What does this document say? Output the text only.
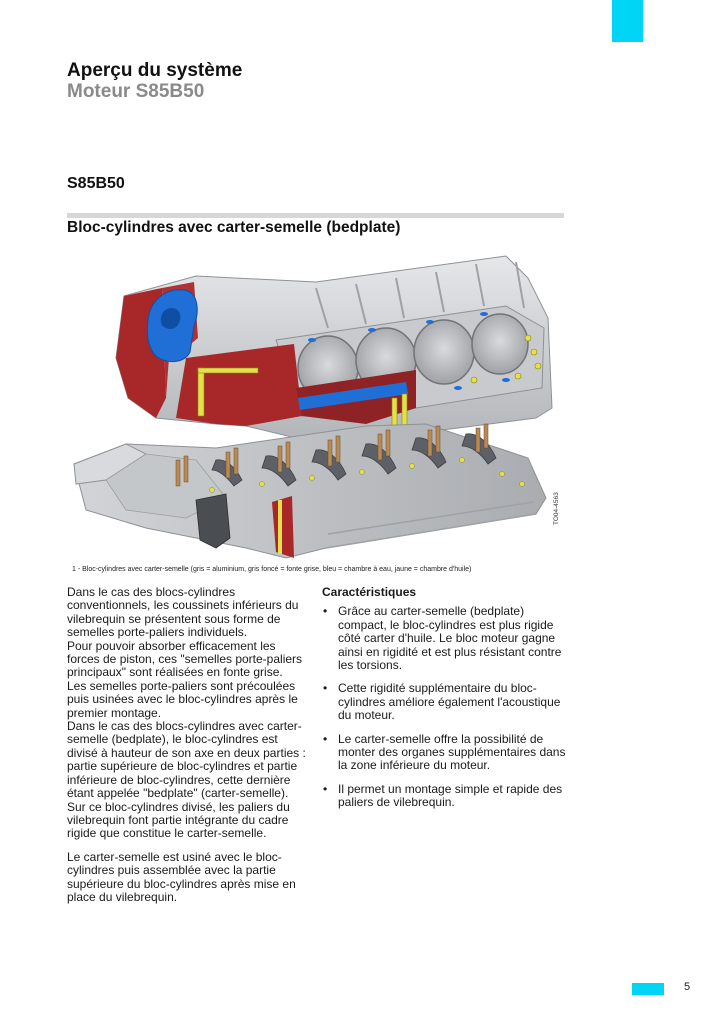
Aperçu du système
Moteur S85B50
S85B50
Bloc-cylindres avec carter-semelle (bedplate)
TO04-4563
1 - Bloc-cylindres avec carter-semelle (gris = aluminium, gris foncé = fonte grise, bleu = chambre à eau, jaune = chambre d'huile)
Dans le cas des blocs-cylindres conventionnels, les coussinets inférieurs du vilebrequin se présentent sous forme de semelles porte-paliers individuels.
Pour pouvoir absorber efficacement les forces de piston, ces "semelles porte-paliers principaux" sont réalisées en fonte grise.
Les semelles porte-paliers sont précoulées puis usinées avec le bloc-cylindres après le premier montage.
Dans le cas des blocs-cylindres avec carter-semelle (bedplate), le bloc-cylindres est divisé à hauteur de son axe en deux parties : partie supérieure de bloc-cylindres et partie inférieure de bloc-cylindres, cette dernière étant appelée "bedplate" (carter-semelle).

Sur ce bloc-cylindres divisé, les paliers du vilebrequin font partie intégrante du cadre rigide que constitue le carter-semelle.

Le carter-semelle est usiné avec le bloc-cylindres puis assemblée avec la partie supérieure du bloc-cylindres après mise en place du vilebrequin.

Caractéristiques
• Grâce au carter-semelle (bedplate) compact, le bloc-cylindres est plus rigide côté carter d'huile. Le bloc moteur gagne ainsi en rigidité et est plus résistant contre les torsions.
• Cette rigidité supplémentaire du bloc-cylindres améliore également l'acoustique du moteur.
• Le carter-semelle offre la possibilité de monter des organes supplémentaires dans la zone inférieure du moteur.
• Il permet un montage simple et rapide des paliers de vilebrequin.
5
